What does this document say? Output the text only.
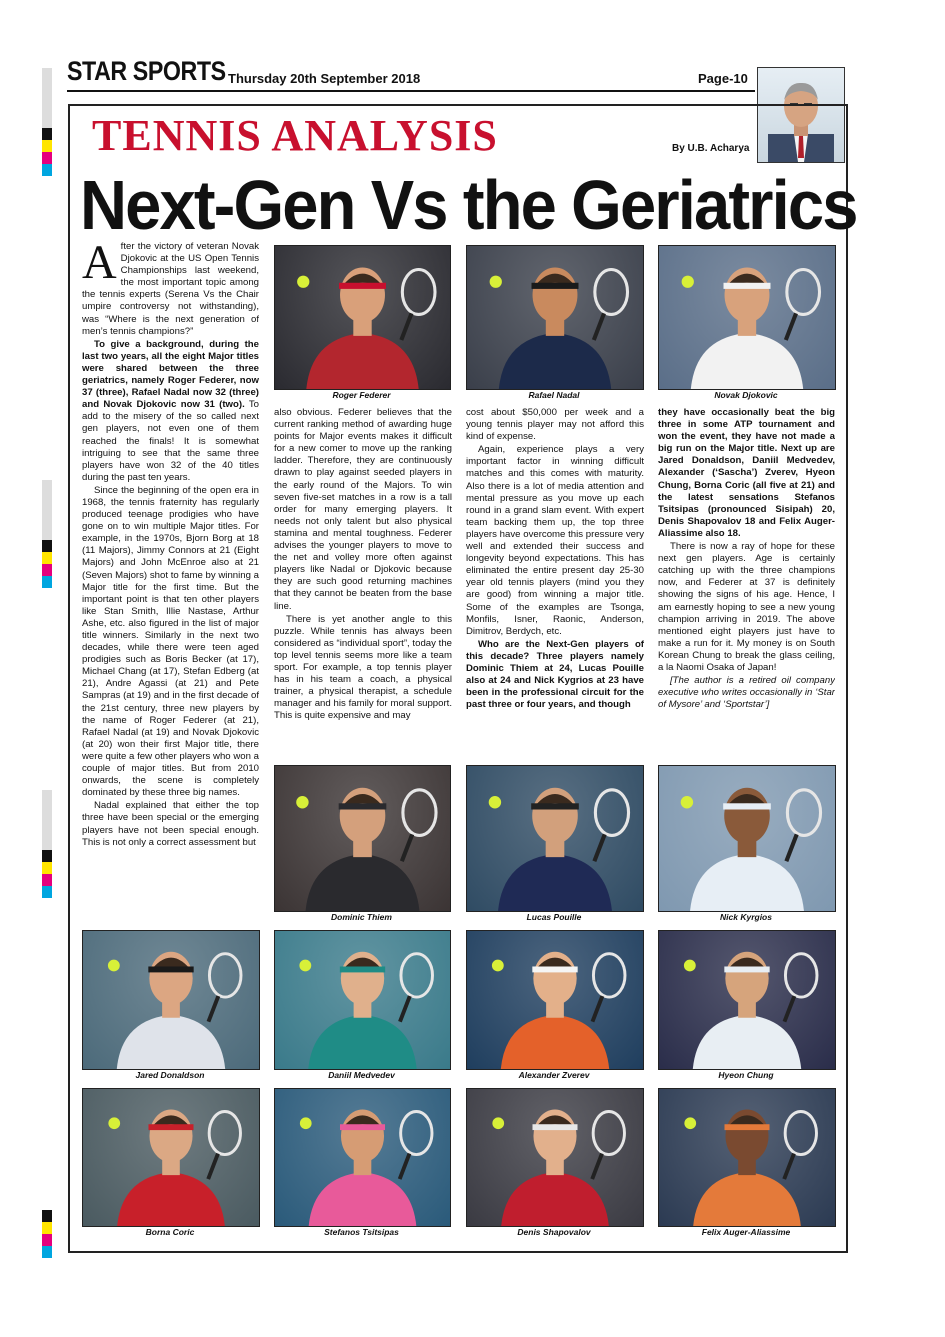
STAR SPORTS Thursday 20th September 2018	Page-10
TENNIS ANALYSIS	By U.B. Acharya
Next-Gen Vs the Geriatrics

After the victory of veteran Novak Djokovic at the US Open Tennis Championships last weekend, the most important topic among the tennis experts (Serena Vs the Chair umpire controversy not withstanding), was “Where is the next generation of men’s tennis champions?”

To give a background, during the last two years, all the eight Major titles were shared between the three geriatrics, namely Roger Federer, now 37 (three), Rafael Nadal now 32 (three) and Novak Djokovic now 31 (two). To add to the misery of the so called next gen players, not even one of them reached the finals! It is somewhat intriguing to see that the same three players have won 32 of the 40 titles during the past ten years.

Since the beginning of the open era in 1968, the tennis fraternity has regularly produced teenage prodigies who have gone on to win multiple Major titles. For example, in the 1970s, Bjorn Borg at 18 (11 Majors), Jimmy Connors at 21 (Eight Majors) and John McEnroe also at 21 (Seven Majors) shot to fame by winning a Major title for the first time. But the important point is that ten other players like Stan Smith, Illie Nastase, Arthur Ashe, etc. also figured in the list of major title winners. Similarly in the next two decades, while there were teen aged prodigies such as Boris Becker (at 17), Michael Chang (at 17), Stefan Edberg (at 21), Andre Agassi (at 21) and Pete Sampras (at 19) and in the first decade of the 21st century, three new players by the name of Roger Federer (at 21), Rafael Nadal (at 19) and Novak Djokovic (at 20) won their first Major title, there were quite a few other players who won a couple of major titles. But from 2010 onwards, the scene is completely dominated by these three big names.

Nadal explained that either the top three have been special or the emerging players have not been special enough. This is not only a correct assessment but

also obvious. Federer believes that the current ranking method of awarding huge points for Major events makes it difficult for a new comer to move up the ranking ladder. Therefore, they are continuously drawn to play against seeded players in the early round of the Majors. To win seven five-set matches in a row is a tall order for many emerging players. It needs not only talent but also physical stamina and mental toughness. Federer advises the younger players to move to the net and volley more often against players like Nadal or Djokovic because they are such good returning machines that they cannot be beaten from the base line.

There is yet another angle to this puzzle. While tennis has always been considered as “individual sport”, today the top level tennis seems more like a team sport. For example, a top tennis player has in his team a coach, a physical trainer, a physical therapist, a schedule manager and his family for moral support. This is quite expensive and may

cost about $50,000 per week and a young tennis player may not afford this kind of expense.

Again, experience plays a very important factor in winning difficult matches and this comes with maturity. Also there is a lot of media attention and mental pressure as you move up each round in a grand slam event. With expert team backing them up, the top three players have overcome this pressure very well and extended their success and longevity beyond expectations. This has eliminated the entire present day 25-30 year old tennis players (mind you they are good) from winning a major title. Some of the examples are Tsonga, Monfils, Isner, Raonic, Anderson, Dimitrov, Berdych, etc.

Who are the Next-Gen players of this decade? Three players namely Dominic Thiem at 24, Lucas Pouille also at 24 and Nick Kygrios at 23 have been in the professional circuit for the past three or four years, and though

they have occasionally beat the big three in some ATP tournament and won the event, they have not made a big run on the Major title. Next up are Jared Donaldson, Daniil Medvedev, Alexander (‘Sascha’) Zverev, Hyeon Chung, Borna Coric (all five at 21) and the latest sensations Stefanos Tsitsipas (pronounced Sisipah) 20, Denis Shapovalov 18 and Felix Auger-Aliassime also 18.

There is now a ray of hope for these next gen players. Age is certainly catching up with the three champions now, and Federer at 37 is definitely showing the signs of his age. Hence, I am earnestly hoping to see a new young champion arriving in 2019. The above mentioned eight players just have to make a run for it. My money is on South Korean Chung to break the glass ceiling, a la Naomi Osaka of Japan!

[The author is a retired oil company executive who writes occasionally in ‘Star of Mysore’ and ‘Sportstar’]

Roger Federer	Rafael Nadal	Novak Djokovic
Dominic Thiem	Lucas Pouille	Nick Kyrgios
Jared Donaldson	Daniil Medvedev	Alexander Zverev	Hyeon Chung
Borna Coric	Stefanos Tsitsipas	Denis Shapovalov	Felix Auger-Aliassime
